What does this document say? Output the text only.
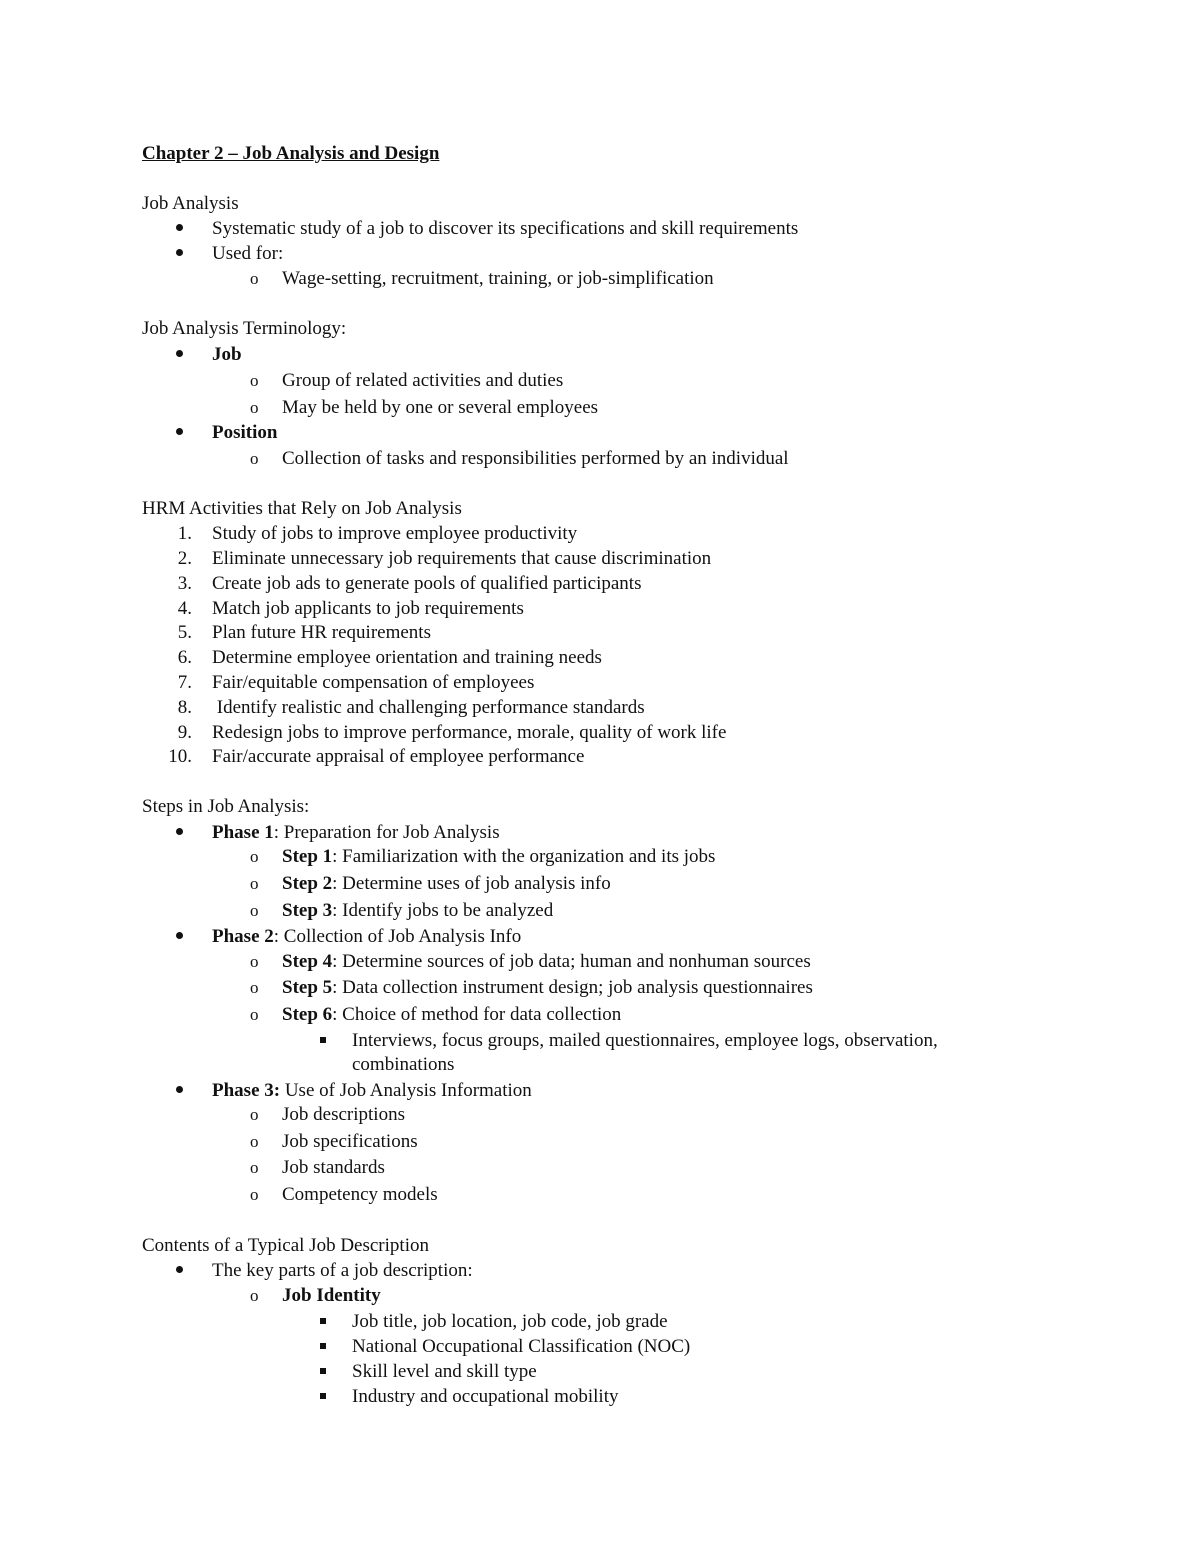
Chapter 2 – Job Analysis and Design
Job Analysis
Systematic study of a job to discover its specifications and skill requirements
Used for:
o Wage-setting, recruitment, training, or job-simplification
Job Analysis Terminology:
Job
o Group of related activities and duties
o May be held by one or several employees
Position
o Collection of tasks and responsibilities performed by an individual
HRM Activities that Rely on Job Analysis
1. Study of jobs to improve employee productivity
2. Eliminate unnecessary job requirements that cause discrimination
3. Create job ads to generate pools of qualified participants
4. Match job applicants to job requirements
5. Plan future HR requirements
6. Determine employee orientation and training needs
7. Fair/equitable compensation of employees
8. Identify realistic and challenging performance standards
9. Redesign jobs to improve performance, morale, quality of work life
10. Fair/accurate appraisal of employee performance
Steps in Job Analysis:
Phase 1: Preparation for Job Analysis
o Step 1: Familiarization with the organization and its jobs
o Step 2: Determine uses of job analysis info
o Step 3: Identify jobs to be analyzed
Phase 2: Collection of Job Analysis Info
o Step 4: Determine sources of job data; human and nonhuman sources
o Step 5: Data collection instrument design; job analysis questionnaires
o Step 6: Choice of method for data collection
Interviews, focus groups, mailed questionnaires, employee logs, observation,
combinations
Phase 3: Use of Job Analysis Information
o Job descriptions
o Job specifications
o Job standards
o Competency models
Contents of a Typical Job Description
The key parts of a job description:
o Job Identity
Job title, job location, job code, job grade
National Occupational Classification (NOC)
Skill level and skill type
Industry and occupational mobility
